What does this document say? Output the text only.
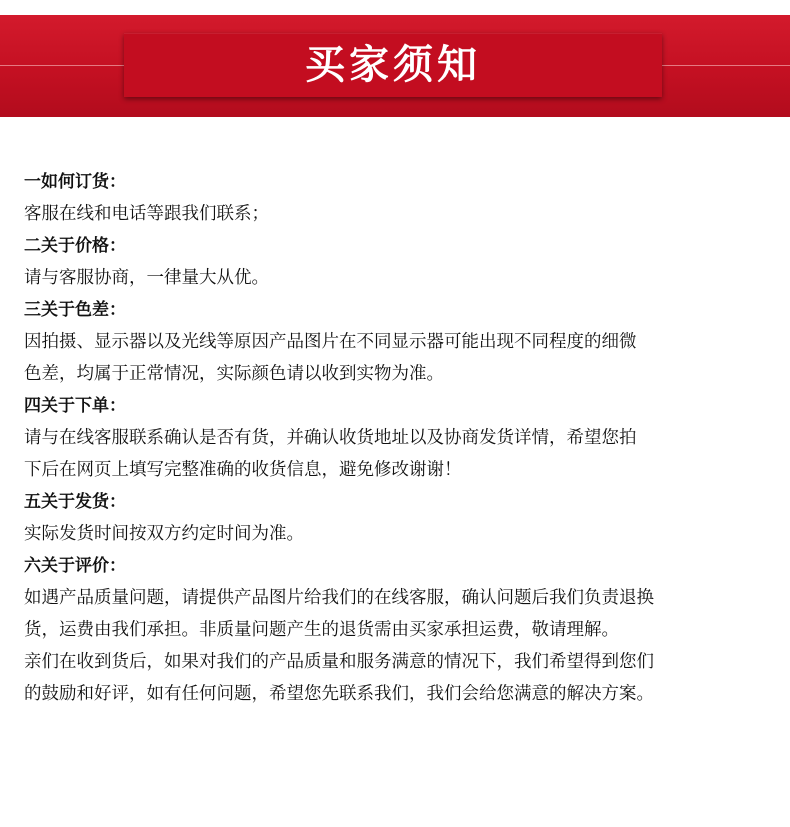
买家须知
一如何订货：
客服在线和电话等跟我们联系；
二关于价格：
请与客服协商，一律量大从优。
三关于色差：
因拍摄、显示器以及光线等原因产品图片在不同显示器可能出现不同程度的细微
色差，均属于正常情况，实际颜色请以收到实物为准。
四关于下单：
请与在线客服联系确认是否有货，并确认收货地址以及协商发货详情，希望您拍
下后在网页上填写完整准确的收货信息，避免修改谢谢！
五关于发货：
实际发货时间按双方约定时间为准。
六关于评价：
如遇产品质量问题，请提供产品图片给我们的在线客服，确认问题后我们负责退换
货，运费由我们承担。非质量问题产生的退货需由买家承担运费，敬请理解。
亲们在收到货后，如果对我们的产品质量和服务满意的情况下，我们希望得到您们
的鼓励和好评，如有任何问题，希望您先联系我们，我们会给您满意的解决方案。
